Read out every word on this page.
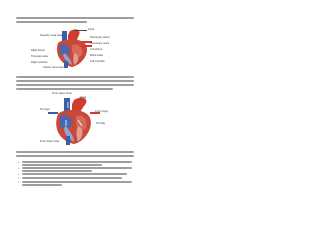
Aorta
Superior vena cava
Pulmonary artery
Pulmonary veins
Left atrium
Right atrium
Tricuspid valve	Mitral valve
Left ventricle
Right ventricle
Inferior vena cava
From upper body
Aorta
To lungs
From lungs
To body
From lower body
•
•
•
•
•
